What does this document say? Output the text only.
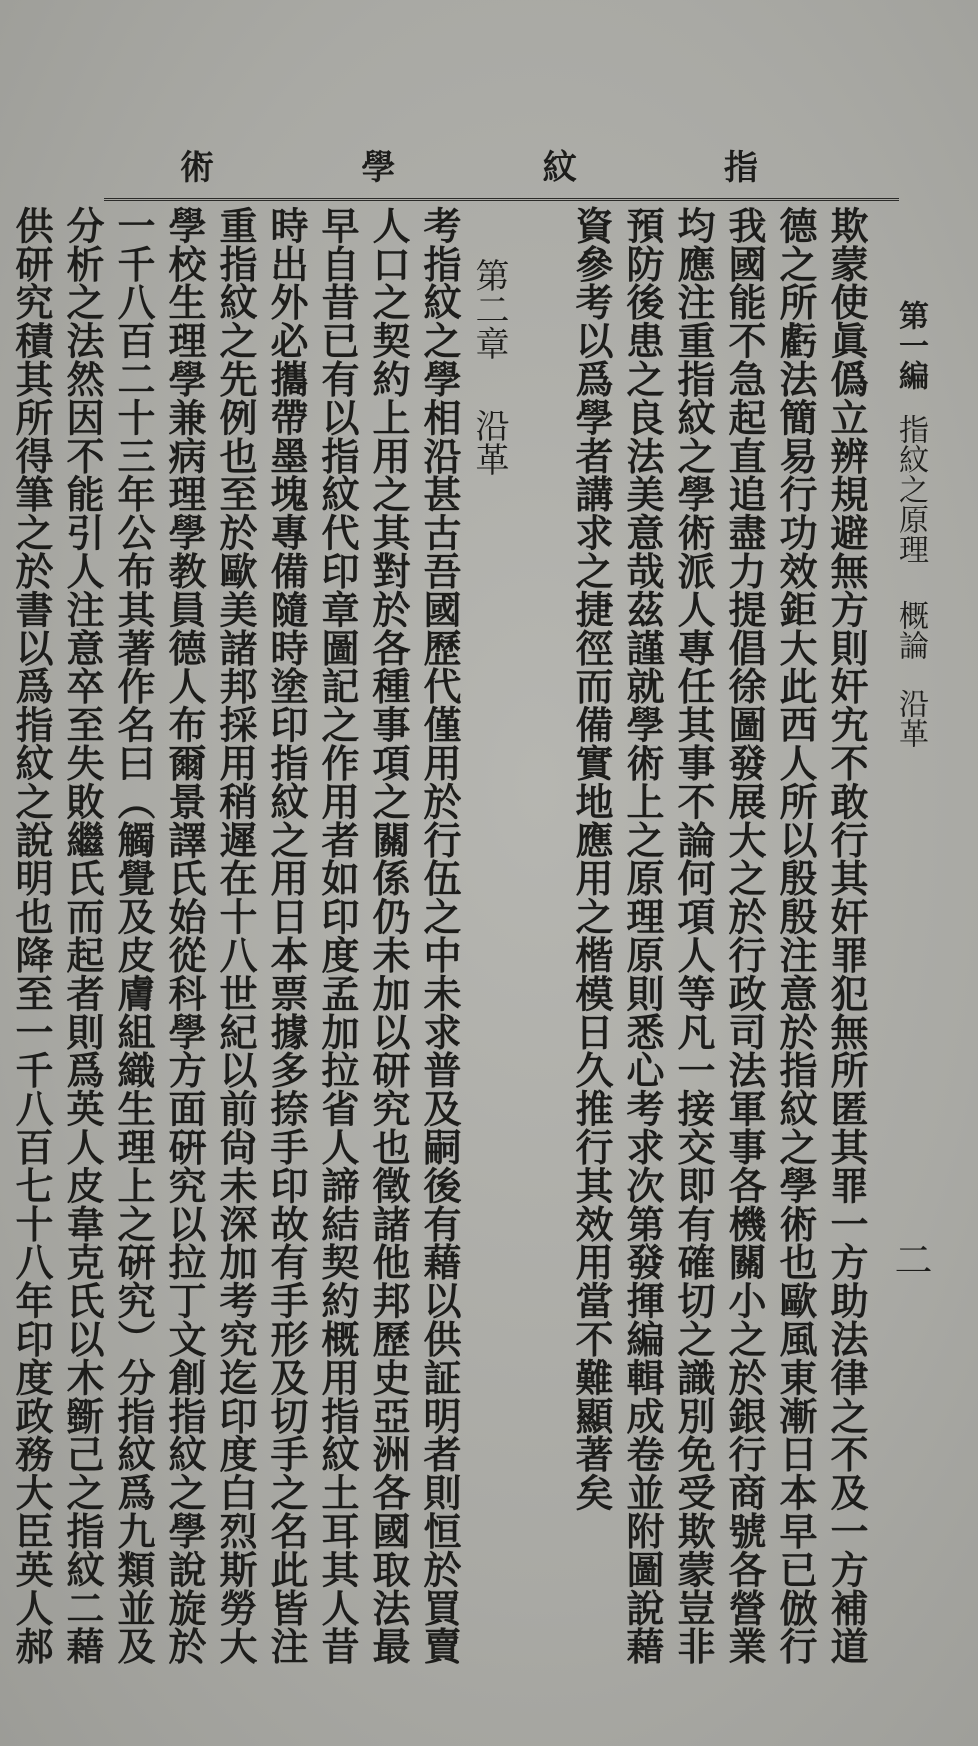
術	學	紋	指
第一編指紋之原理概論沿革
二
欺蒙使眞僞立辨規避無方則奸宄不敢行其奸罪犯無所匿其罪一方助法律之不及一方補道
德之所虧法簡易行功效鉅大此西人所以殷殷注意於指紋之學術也歐風東漸日本早已倣行
我國能不急起直追盡力提倡徐圖發展大之於行政司法軍事各機關小之於銀行商號各營業
均應注重指紋之學術派人專任其事不論何項人等凡一接交即有確切之識別免受欺蒙豈非
預防後患之良法美意哉茲謹就學術上之原理原則悉心考求次第發揮編輯成卷並附圖說藉
資參考以爲學者講求之捷徑而備實地應用之楷模日久推行其效用當不難顯著矣
第二章沿革
考指紋之學相沿甚古吾國歷代僅用於行伍之中未求普及嗣後有藉以供証明者則恒於買賣
人口之契約上用之其對於各種事項之關係仍未加以研究也徵諸他邦歷史亞洲各國取法最
早自昔已有以指紋代印章圖記之作用者如印度孟加拉省人諦結契約概用指紋土耳其人昔
時出外必攜帶墨塊專備隨時塗印指紋之用日本票據多捺手印故有手形及切手之名此皆注
重指紋之先例也至於歐美諸邦採用稍遲在十八世紀以前尙未深加考究迄印度白烈斯勞大
學校生理學兼病理學教員德人布爾景譯氏始從科學方面硏究以拉丁文創指紋之學說旋於
一千八百二十三年公布其著作名曰（觸覺及皮膚組織生理上之硏究）分指紋爲九類並及
分析之法然因不能引人注意卒至失敗繼氏而起者則爲英人皮韋克氏以木斵己之指紋二藉
供研究積其所得筆之於書以爲指紋之說明也降至一千八百七十八年印度政務大臣英人郝
